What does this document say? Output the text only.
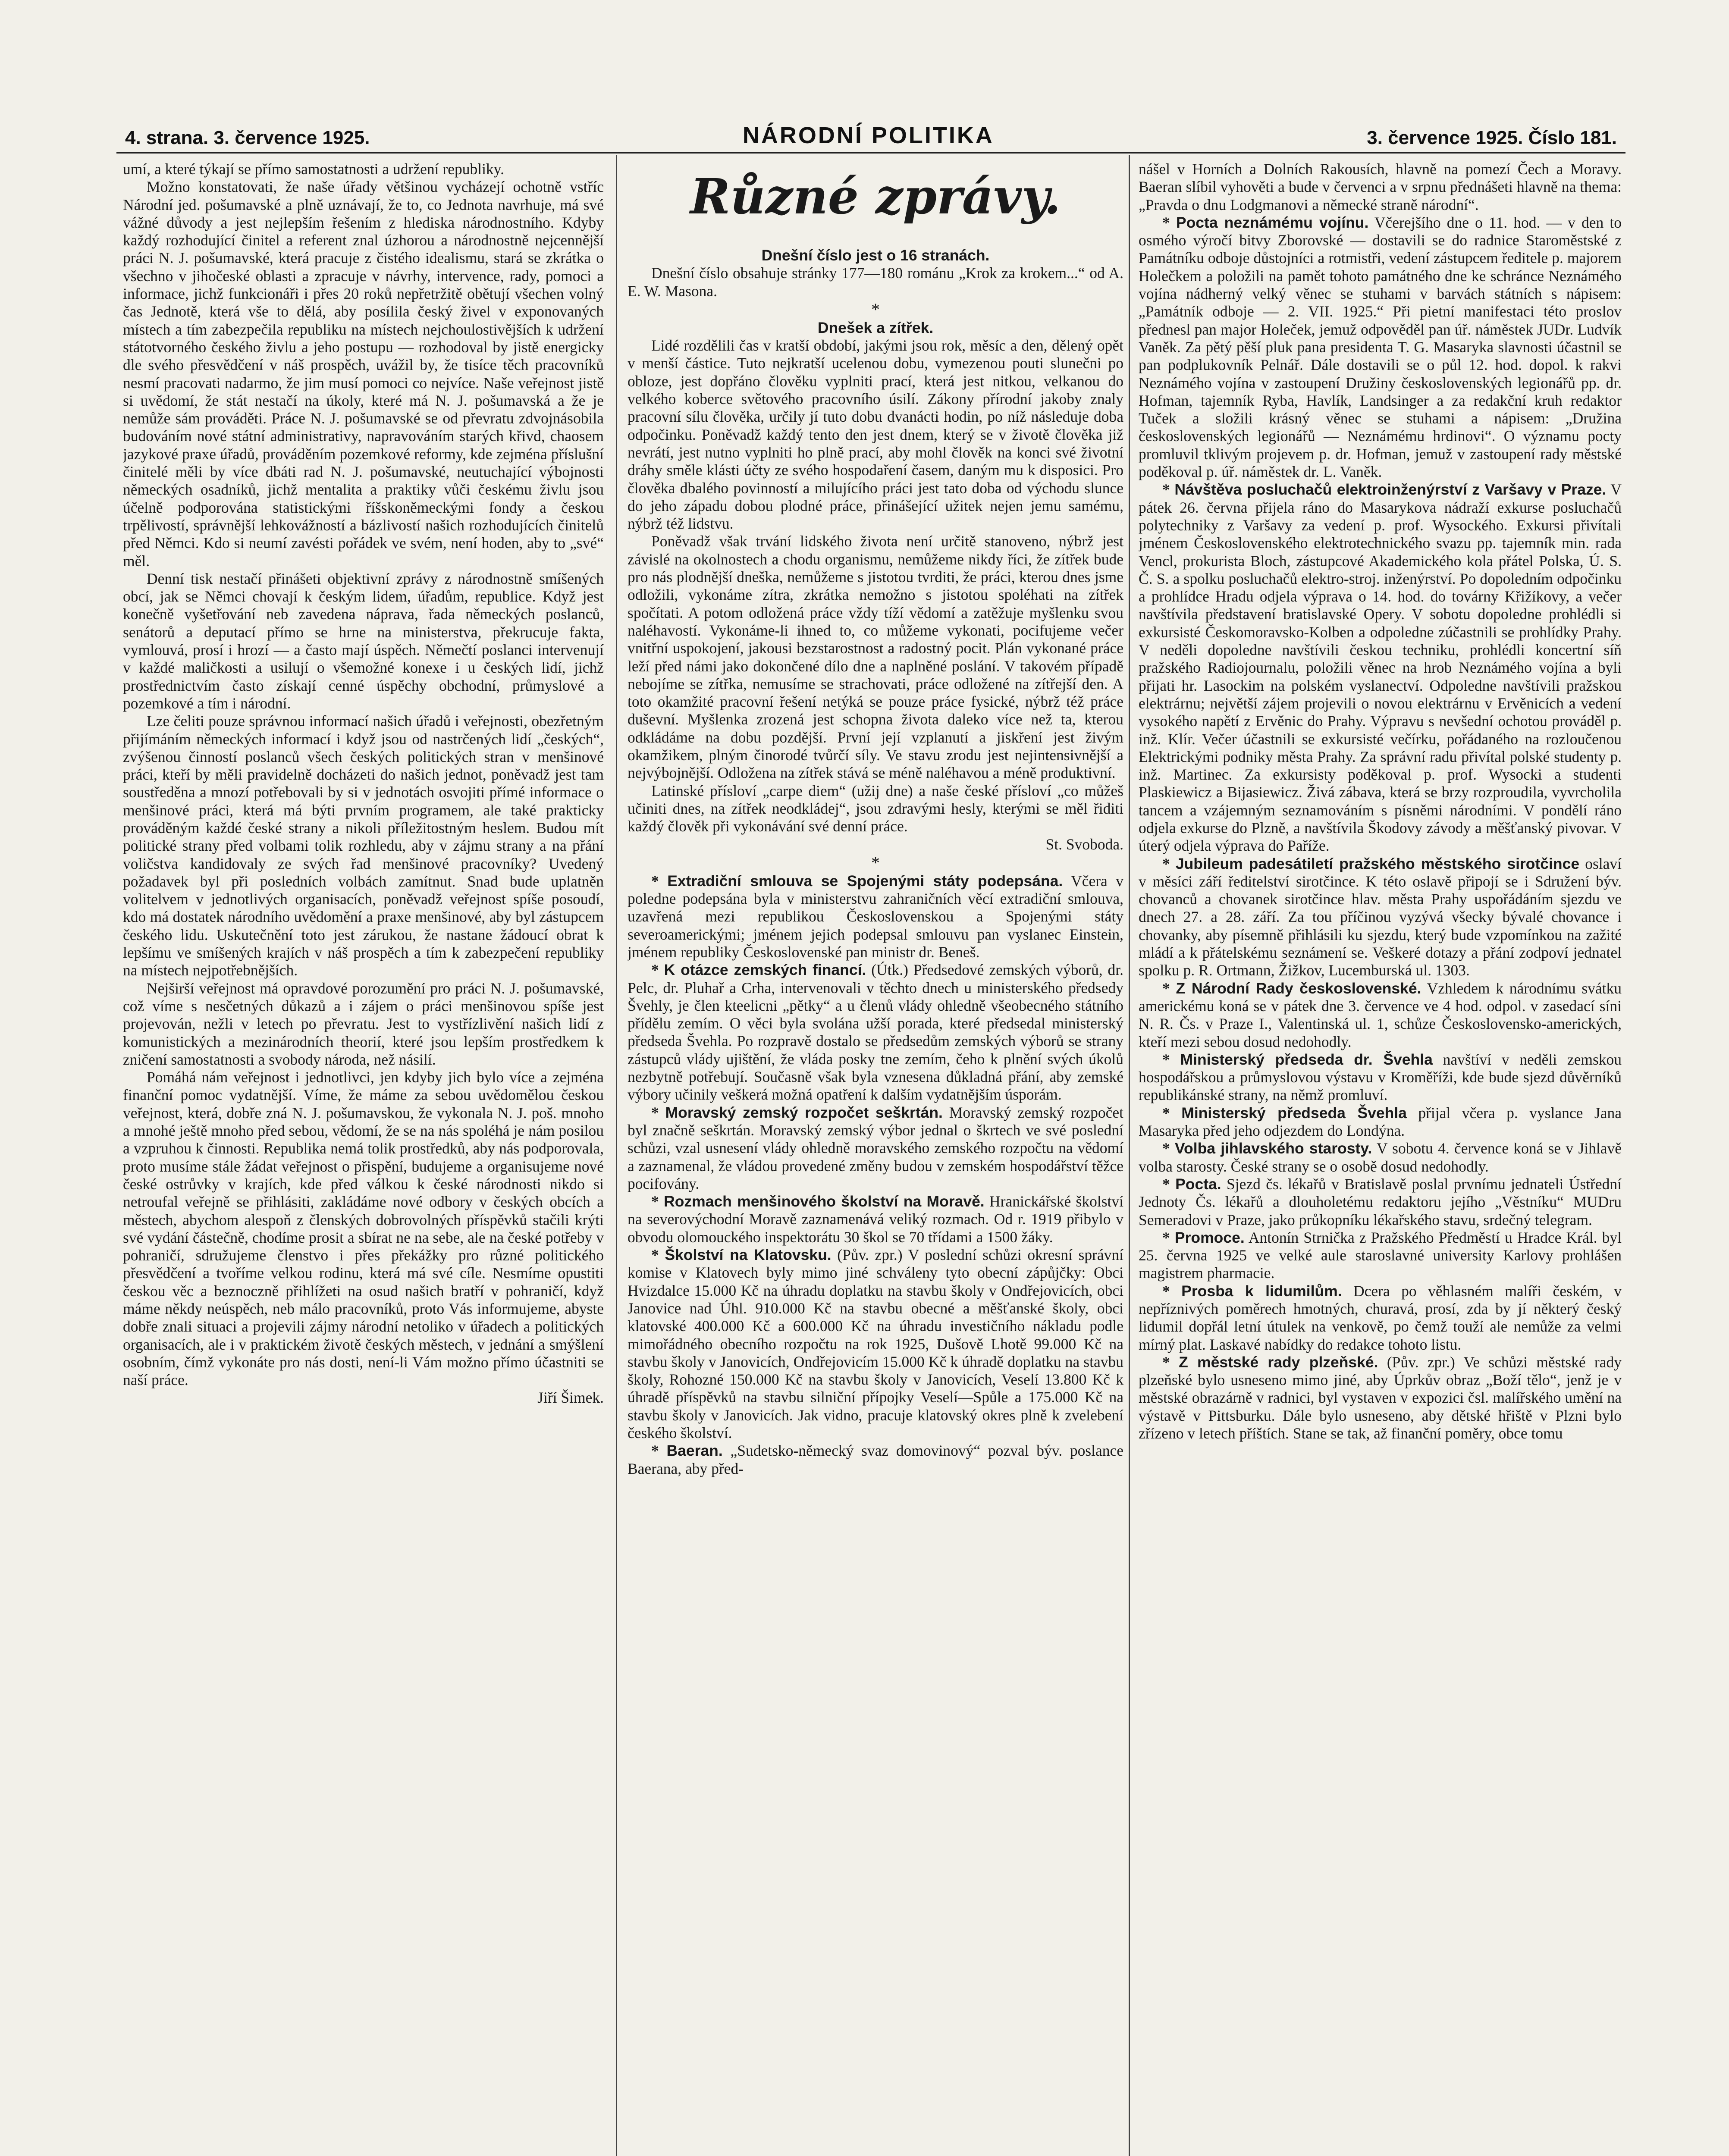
4. strana. 3. července 1925.	NÁRODNÍ POLITIKA	3. července 1925. Číslo 181.

umí, a které týkají se přímo samostatnosti a udržení republiky.

Možno konstatovati, že naše úřady většinou vycházejí ochotně vstříc Národní jed. pošumavské a plně uznávají, že to, co Jednota navrhuje, má své vážné důvody a jest nejlepším řešením z hlediska národnostního. Kdyby každý rozhodující činitel a referent znal úzhorou a národnostně nejcennější práci N. J. pošumavské, která pracuje z čistého idealismu, stará se zkrátka o všechno v jihočeské oblasti a zpracuje v návrhy, intervence, rady, pomoci a informace, jichž funkcionáři i přes 20 roků nepřetržitě obětují všechen volný čas Jednotě, která vše to dělá, aby posílila český živel v exponovaných místech a tím zabezpečila republiku na místech nejchoulostivějších k udržení státotvorného českého živlu a jeho postupu — rozhodoval by jistě energicky dle svého přesvědčení v náš prospěch, uvážil by, že tisíce těch pracovníků nesmí pracovati nadarmo, že jim musí pomoci co nejvíce. Naše veřejnost jistě si uvědomí, že stát nestačí na úkoly, které má N. J. pošumavská a že je nemůže sám prováděti. Práce N. J. pošumavské se od převratu zdvojnásobila budováním nové státní administrativy, napravováním starých křivd, chaosem jazykové praxe úřadů, prováděním pozemkové reformy, kde zejména příslušní činitelé měli by více dbáti rad N. J. pošumavské, neutuchající výbojnosti německých osadníků, jichž mentalita a praktiky vůči českému živlu jsou účelně podporována statistickými říšskoněmeckými fondy a českou trpělivostí, správnější lehkovážností a bázlivostí našich rozhodujících činitelů před Němci. Kdo si neumí zavésti pořádek ve svém, není hoden, aby to „své“ měl.

Denní tisk nestačí přinášeti objektivní zprávy z národnostně smíšených obcí, jak se Němci chovají k českým lidem, úřadům, republice. Když jest konečně vyšetřování neb zavedena náprava, řada německých poslanců, senátorů a deputací přímo se hrne na ministerstva, překrucuje fakta, vymlouvá, prosí i hrozí — a často mají úspěch. Němečtí poslanci intervenují v každé maličkosti a usilují o všemožné konexe i u českých lidí, jichž prostřednictvím často získají cenné úspěchy obchodní, průmyslové a pozemkové a tím i národní.

Lze čeliti pouze správnou informací našich úřadů i veřejnosti, obezřetným přijímáním německých informací i když jsou od nastrčených lidí „českých“, zvýšenou činností poslanců všech českých politických stran v menšinové práci, kteří by měli pravidelně docházeti do našich jednot, poněvadž jest tam soustředěna a mnozí potřebovali by si v jednotách osvojiti přímé informace o menšinové práci, která má býti prvním programem, ale také prakticky prováděným každé české strany a nikoli příležitostným heslem. Budou mít politické strany před volbami tolik rozhledu, aby v zájmu strany a na přání voličstva kandidovaly ze svých řad menšinové pracovníky? Uvedený požadavek byl při posledních volbách zamítnut. Snad bude uplatněn volitelvem v jednotlivých organisacích, poněvadž veřejnost spíše posoudí, kdo má dostatek národního uvědomění a praxe menšinové, aby byl zástupcem českého lidu. Uskutečnění toto jest zárukou, že nastane žádoucí obrat k lepšímu ve smíšených krajích v náš prospěch a tím k zabezpečení republiky na místech nejpotřebnějších.

Nejširší veřejnost má opravdové porozumění pro práci N. J. pošumavské, což víme s nesčetných důkazů a i zájem o práci menšinovou spíše jest projevován, nežli v letech po převratu. Jest to vystřízlivění našich lidí z komunistických a mezinárodních theorií, které jsou lepším prostředkem k zničení samostatnosti a svobody národa, než násilí.

Pomáhá nám veřejnost i jednotlivci, jen kdyby jich bylo více a zejména finanční pomoc vydatnější. Víme, že máme za sebou uvědomělou českou veřejnost, která, dobře zná N. J. pošumavskou, že vykonala N. J. poš. mnoho a mnohé ještě mnoho před sebou, vědomí, že se na nás spoléhá je nám posilou a vzpruhou k činnosti. Republika nemá tolik prostředků, aby nás podporovala, proto musíme stále žádat veřejnost o přispění, budujeme a organisujeme nové české ostrůvky v krajích, kde před válkou k české národnosti nikdo si netroufal veřejně se přihlásiti, zakládáme nové odbory v českých obcích a městech, abychom alespoň z členských dobrovolných příspěvků stačili krýti své vydání částečně, chodíme prosit a sbírat ne na sebe, ale na české potřeby v pohraničí, sdružujeme členstvo i přes překážky pro různé politického přesvědčení a tvoříme velkou rodinu, která má své cíle. Nesmíme opustiti českou věc a beznoczně přihlížeti na osud našich bratří v pohraničí, když máme někdy neúspěch, neb málo pracovníků, proto Vás informujeme, abyste dobře znali situaci a projevili zájmy národní netoliko v úřadech a politických organisacích, ale i v praktickém životě českých městech, v jednání a smýšlení osobním, čímž vykonáte pro nás dosti, není-li Vám možno přímo účastniti se naší práce.

Jiří Šimek.

Různé zprávy.

Dnešní číslo jest o 16 stranách.

Dnešní číslo obsahuje stránky 177—180 románu „Krok za krokem...“ od A. E. W. Masona.

*

Dnešek a zítřek.

Lidé rozdělili čas v kratší období, jakými jsou rok, měsíc a den, dělený opět v menší částice. Tuto nejkratší ucelenou dobu, vymezenou pouti slunečni po obloze, jest dopřáno člověku vyplniti prací, která jest nitkou, velkanou do velkého koberce světového pracovního úsilí. Zákony přírodní jakoby znaly pracovní sílu člověka, určily jí tuto dobu dvanácti hodin, po níž následuje doba odpočinku. Poněvadž každý tento den jest dnem, který se v životě člověka již nevrátí, jest nutno vyplniti ho plně prací, aby mohl člověk na konci své životní dráhy směle klásti účty ze svého hospodaření časem, daným mu k disposici. Pro člověka dbalého povinností a milujícího práci jest tato doba od východu slunce do jeho západu dobou plodné práce, přinášející užitek nejen jemu samému, nýbrž též lidstvu.

Poněvadž však trvání lidského života není určitě stanoveno, nýbrž jest závislé na okolnostech a chodu organismu, nemůžeme nikdy říci, že zítřek bude pro nás plodnější dneška, nemůžeme s jistotou tvrditi, že práci, kterou dnes jsme odložili, vykonáme zítra, zkrátka nemožno s jistotou spoléhati na zítřek spočítati. A potom odložená práce vždy tíží vědomí a zatěžuje myšlenku svou naléhavostí. Vykonáme-li ihned to, co můžeme vykonati, pocifujeme večer vnitřní uspokojení, jakousi bezstarostnost a radostný pocit. Plán vykonané práce leží před námi jako dokončené dílo dne a naplněné poslání. V takovém případě nebojíme se zítřka, nemusíme se strachovati, práce odložené na zítřejší den. A toto okamžité pracovní řešení netýká se pouze práce fysické, nýbrž též práce duševní. Myšlenka zrozená jest schopna života daleko více než ta, kterou odkládáme na dobu pozdější. První její vzplanutí a jiskření jest živým okamžikem, plným činorodé tvůrčí síly. Ve stavu zrodu jest nejintensivnější a nejvýbojnější. Odložena na zítřek stává se méně naléhavou a méně produktivní.

Latinské přísloví „carpe diem“ (užij dne) a naše české přísloví „co můžeš učiniti dnes, na zítřek neodkládej“, jsou zdravými hesly, kterými se měl řiditi každý člověk při vykonávání své denní práce.

St. Svoboda.

*

* Extradiční smlouva se Spojenými státy podepsána. Včera v poledne podepsána byla v ministerstvu zahraničních věcí extradiční smlouva, uzavřená mezi republikou Československou a Spojenými státy severoamerickými; jménem jejich podepsal smlouvu pan vyslanec Einstein, jménem republiky Československé pan ministr dr. Beneš.

* K otázce zemských financí. (Útk.) Předsedové zemských výborů, dr. Pelc, dr. Pluhař a Crha, intervenovali v těchto dnech u ministerského předsedy Švehly, je člen kteelicni „pětky“ a u členů vlády ohledně všeobecného státního přídělu zemím. O věci byla svolána užší porada, které předsedal ministerský předseda Švehla. Po rozpravě dostalo se předsedům zemských výborů se strany zástupců vlády ujištění, že vláda posky tne zemím, čeho k plnění svých úkolů nezbytně potřebují. Současně však byla vznesena důkladná přání, aby zemské výbory učinily veškerá možná opatření k dalším vydatnějším úsporám.

* Moravský zemský rozpočet seškrtán. Moravský zemský rozpočet byl značně seškrtán. Moravský zemský výbor jednal o škrtech ve své poslední schůzi, vzal usnesení vlády ohledně moravského zemského rozpočtu na vědomí a zaznamenal, že vládou provedené změny budou v zemském hospodářství těžce pocifovány.

* Rozmach menšinového školství na Moravě. Hranickářské školství na severovýchodní Moravě zaznamenává veliký rozmach. Od r. 1919 přibylo v obvodu olomouckého inspektorátu 30 škol se 70 třídami a 1500 žáky.

* Školství na Klatovsku. (Pův. zpr.) V poslední schůzi okresní správní komise v Klatovech byly mimo jiné schváleny tyto obecní zápůjčky: Obci Hvizdalce 15.000 Kč na úhradu doplatku na stavbu školy v Ondřejovicích, obci Janovice nad Úhl. 910.000 Kč na stavbu obecné a měšťanské školy, obci klatovské 400.000 Kč a 600.000 Kč na úhradu investičního nákladu podle mimořádného obecního rozpočtu na rok 1925, Dušově Lhotě 99.000 Kč na stavbu školy v Janovicích, Ondřejovicím 15.000 Kč k úhradě doplatku na stavbu školy, Rohozné 150.000 Kč na stavbu školy v Janovicích, Veselí 13.800 Kč k úhradě příspěvků na stavbu silniční přípojky Veselí—Spůle a 175.000 Kč na stavbu školy v Janovicích. Jak vidno, pracuje klatovský okres plně k zvelebení českého školství.

* Baeran. „Sudetsko-německý svaz domovinový“ pozval býv. poslance Baerana, aby před-

nášel v Horních a Dolních Rakousích, hlavně na pomezí Čech a Moravy. Baeran slíbil vyhověti a bude v červenci a v srpnu přednášeti hlavně na thema: „Pravda o dnu Lodgmanovi a německé straně národní“.

* Pocta neznámému vojínu. Včerejšího dne o 11. hod. — v den to osmého výročí bitvy Zborovské — dostavili se do radnice Staroměstské z Památníku odboje důstojníci a rotmistři, vedení zástupcem ředitele p. majorem Holečkem a položili na pamět tohoto památného dne ke schránce Neznámého vojína nádherný velký věnec se stuhami v barvách státních s nápisem: „Památník odboje — 2. VII. 1925.“ Při pietní manifestaci této proslov přednesl pan major Holeček, jemuž odpověděl pan úř. náměstek JUDr. Ludvík Vaněk. Za pětý pěší pluk pana presidenta T. G. Masaryka slavnosti účastnil se pan podplukovník Pelnář. Dále dostavili se o půl 12. hod. dopol. k rakvi Neznámého vojína v zastoupení Družiny československých legionářů pp. dr. Hofman, tajemník Ryba, Havlík, Landsinger a za redakční kruh redaktor Tuček a složili krásný věnec se stuhami a nápisem: „Družina československých legionářů — Neznámému hrdinovi“. O významu pocty promluvil tklivým projevem p. dr. Hofman, jemuž v zastoupení rady městské poděkoval p. úř. náměstek dr. L. Vaněk.

* Návštěva posluchačů elektroinženýrství z Varšavy v Praze. V pátek 26. června přijela ráno do Masarykova nádraží exkurse posluchačů polytechniky z Varšavy za vedení p. prof. Wysockého. Exkursi přivítali jménem Československého elektrotechnického svazu pp. tajemník min. rada Vencl, prokurista Bloch, zástupcové Akademického kola přátel Polska, Ú. S. Č. S. a spolku posluchačů elektro-stroj. inženýrství. Po dopoledním odpočinku a prohlídce Hradu odjela výprava o 14. hod. do továrny Křižíkovy, a večer navštívila představení bratislavské Opery. V sobotu dopoledne prohlédli si exkursisté Českomoravsko-Kolben a odpoledne zúčastnili se prohlídky Prahy. V neděli dopoledne navštívili českou techniku, prohlédli koncertní síň pražského Radiojournalu, položili věnec na hrob Neznámého vojína a byli přijati hr. Lasockim na polském vyslanectví. Odpoledne navštívili pražskou elektrárnu; největší zájem projevili o novou elektrárnu v Ervěnicích a vedení vysokého napětí z Ervěnic do Prahy. Výpravu s nevšední ochotou prováděl p. inž. Klír. Večer účastnili se exkursisté večírku, pořádaného na rozloučenou Elektrickými podniky města Prahy. Za správní radu přivítal polské studenty p. inž. Martinec. Za exkursisty poděkoval p. prof. Wysocki a studenti Plaskiewicz a Bijasiewicz. Živá zábava, která se brzy rozproudila, vyvrcholila tancem a vzájemným seznamováním s písněmi národními. V pondělí ráno odjela exkurse do Plzně, a navštívila Škodovy závody a měšťanský pivovar. V úterý odjela výprava do Paříže.

* Jubileum padesátiletí pražského městského sirotčince oslaví v měsíci září ředitelství sirotčince. K této oslavě připojí se i Sdružení býv. chovanců a chovanek sirotčince hlav. města Prahy uspořádáním sjezdu ve dnech 27. a 28. září. Za tou příčinou vyzývá všecky bývalé chovance i chovanky, aby písemně přihlásili ku sjezdu, který bude vzpomínkou na zažité mládí a k přátelskému seznámení se. Veškeré dotazy a přání zodpoví jednatel spolku p. R. Ortmann, Žižkov, Lucemburská ul. 1303.

* Z Národní Rady československé. Vzhledem k národnímu svátku americkému koná se v pátek dne 3. července ve 4 hod. odpol. v zasedací síni N. R. Čs. v Praze I., Valentinská ul. 1, schůze Československo-amerických, kteří mezi sebou dosud nedohodly.

* Ministerský předseda dr. Švehla navštíví v neděli zemskou hospodářskou a průmyslovou výstavu v Kroměříži, kde bude sjezd důvěrníků republikánské strany, na němž promluví.

* Ministerský předseda Švehla přijal včera p. vyslance Jana Masaryka před jeho odjezdem do Londýna.

* Volba jihlavského starosty. V sobotu 4. července koná se v Jihlavě volba starosty. České strany se o osobě dosud nedohodly.

* Pocta. Sjezd čs. lékařů v Bratislavě poslal prvnímu jednateli Ústřední Jednoty Čs. lékařů a dlouholetému redaktoru jejího „Věstníku“ MUDru Semeradovi v Praze, jako průkopníku lékařského stavu, srdečný telegram.

* Promoce. Antonín Strnička z Pražského Předměstí u Hradce Král. byl 25. června 1925 ve velké aule staroslavné university Karlovy prohlášen magistrem pharmacie.

* Prosba k lidumilům. Dcera po věhlasném malíři českém, v nepříznivých poměrech hmotných, churavá, prosí, zda by jí některý český lidumil dopřál letní útulek na venkově, po čemž touží ale nemůže za velmi mírný plat. Laskavé nabídky do redakce tohoto listu.

* Z městské rady plzeňské. (Pův. zpr.) Ve schůzi městské rady plzeňské bylo usneseno mimo jiné, aby Úprkův obraz „Boží tělo“, jenž je v městské obrazárně v radnici, byl vystaven v expozici čsl. malířského umění na výstavě v Pittsburku. Dále bylo usneseno, aby dětské hřiště v Plzni bylo zřízeno v letech příštích. Stane se tak, až finanční poměry, obce tomu
